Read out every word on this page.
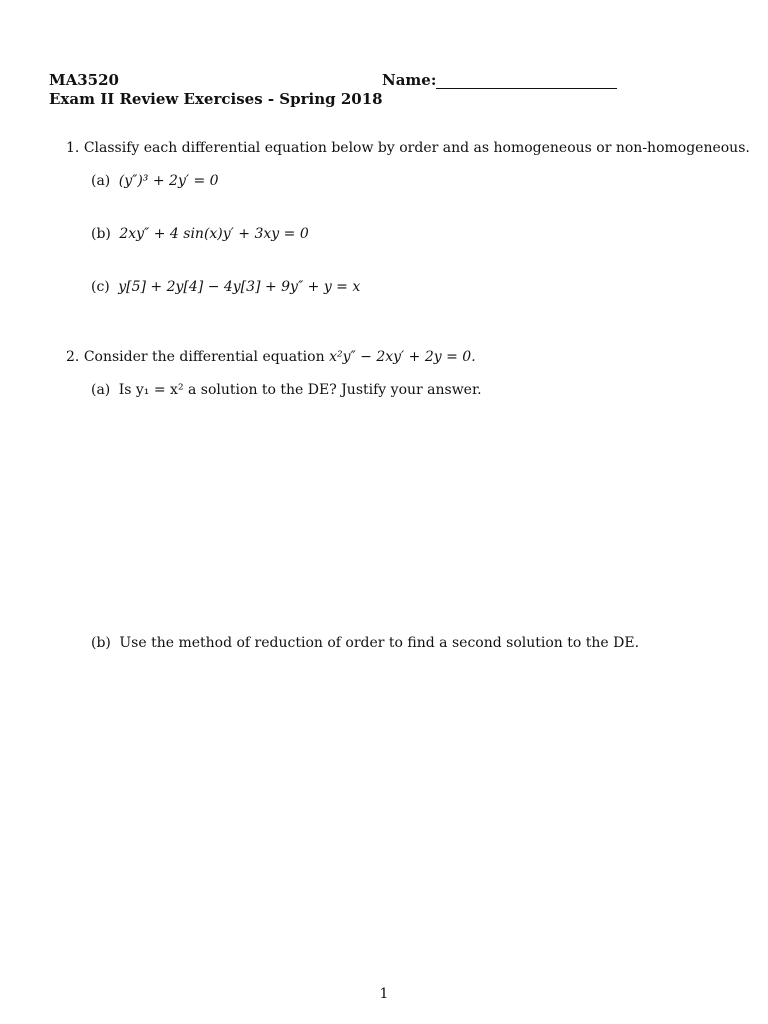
MA3520
Exam II Review Exercises - Spring 2018
Name:
1. Classify each differential equation below by order and as homogeneous or non-homogeneous.
(a) (y″)³ + 2y′ = 0
(b) 2xy″ + 4 sin(x)y′ + 3xy = 0
(c) y[5] + 2y[4] − 4y[3] + 9y″ + y = x
2. Consider the differential equation x²y″ − 2xy′ + 2y = 0.
(a) Is y₁ = x² a solution to the DE? Justify your answer.
(b) Use the method of reduction of order to find a second solution to the DE.
1
